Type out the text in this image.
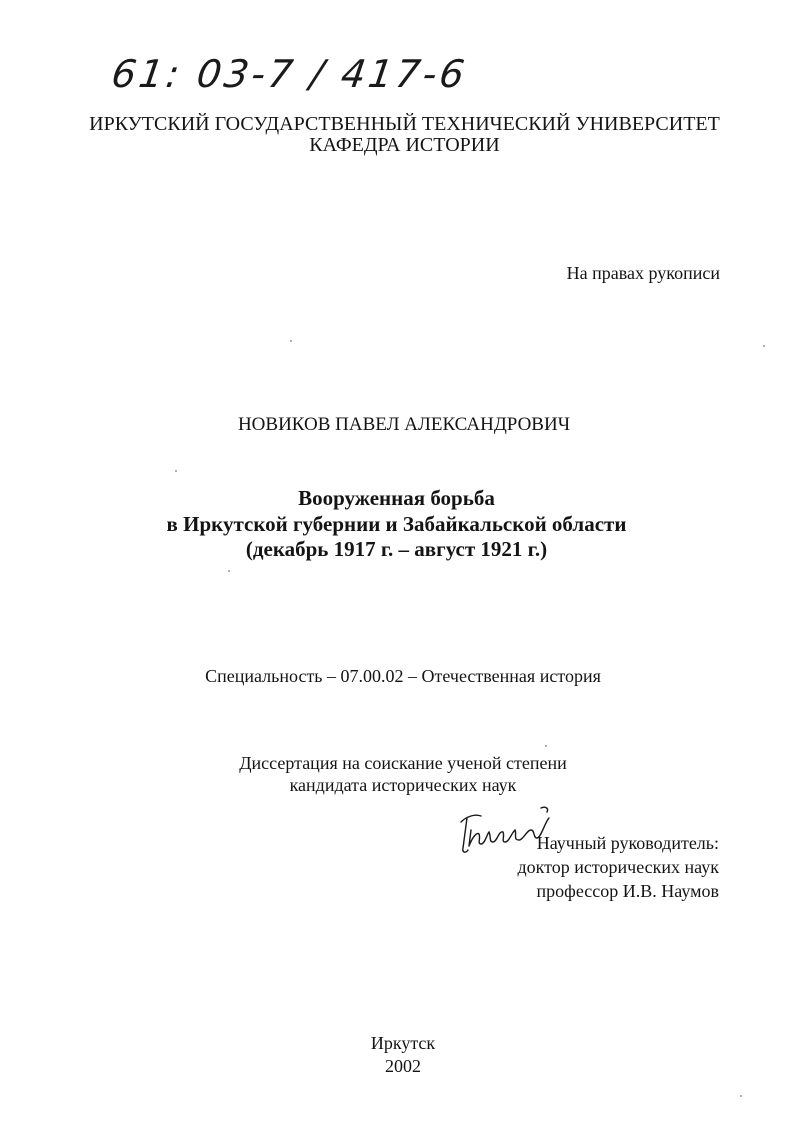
61: 03-7 / 417-6
ИРКУТСКИЙ ГОСУДАРСТВЕННЫЙ ТЕХНИЧЕСКИЙ УНИВЕРСИТЕТ
КАФЕДРА ИСТОРИИ
На правах рукописи
НОВИКОВ ПАВЕЛ АЛЕКСАНДРОВИЧ
Вооруженная борьба
в Иркутской губернии и Забайкальской области
(декабрь 1917 г. – август 1921 г.)
Специальность – 07.00.02 – Отечественная история
Диссертация на соискание ученой степени
кандидата исторических наук
Научный руководитель:
доктор исторических наук
профессор И.В. Наумов
Иркутск
2002
